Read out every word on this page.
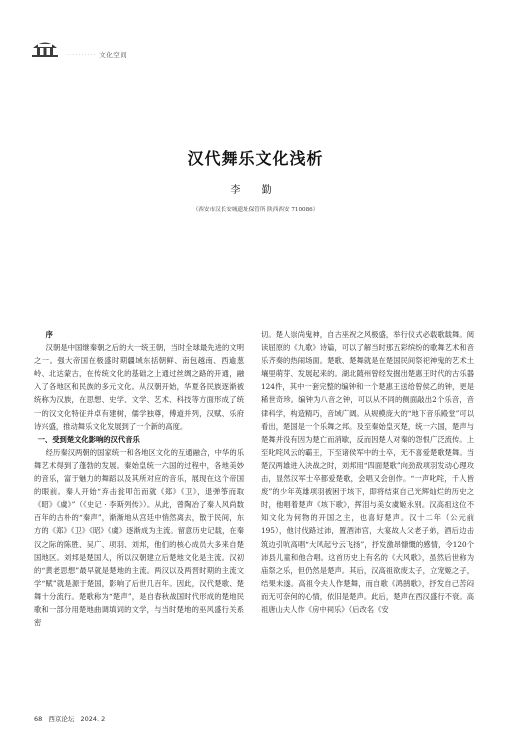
·········· 文化空间
汉代舞乐文化浅析
李 勤
（西安市汉长安城遗址保管所 陕西西安 710086）

序

汉朝是中国继秦朝之后的大一统王朝，当时全球最先进的文明之一。强大帝国在极盛时期疆域东括朝鲜、南包越南、西逾葱岭、北达蒙古，在传统文化的基础之上通过丝绸之路的开通，融入了各地区和民族的多元文化。从汉朝开始，华夏各民族逐渐被统称为汉族，在思想、史学、文学、艺术、科技等方面形成了统一的汉文化特征并卓有建树，儒学独尊，傅道并列，汉赋、乐府诗兴盛，推动舞乐文化发展到了一个新的高度。

一、受到楚文化影响的汉代音乐

经历秦汉两朝的国家统一和各地区文化的互通融合，中华的乐舞艺术得到了蓬勃的发展。秦始皇统一六国的过程中，各地美妙的音乐，富于魅力的舞蹈以及其所对应的音乐，展现在这个帝国的眼前。秦人开始“弃击瓮叩缶而就《郑》《卫》，退弹筝而取《昭》《虞》”（《史记 · 李斯列传》）。从此，曾陶冶了秦人风尚数百年的古朴的“秦声”，渐渐地从宫廷中悄然离去，散于民间，东方的《郑》《卫》《昭》《虞》逐渐成为主流。留意历史记载，在秦汉之际的陈胜、吴广、项羽、刘邦，他们的核心成员大多来自楚国地区。刘邦是楚国人，所以汉朝建立后楚地文化是主流。汉初的“黄老思想”最早就是楚地的主流。两汉以及两晋时期的主流文学“赋”就是源于楚国，影响了后世几百年。因此，汉代楚歌、楚舞十分流行。楚歌称为“楚声”，是自春秋战国时代形成的楚地民歌和一部分用楚地曲调填词的文学，与当时楚地的巫风盛行关系密

切。楚人崇尚鬼神，自古巫祝之风极盛，举行仪式必载歌载舞。阅读屈原的《九歌》诗篇，可以了解当时那五彩缤纷的歌舞艺术和音乐齐奏的热闹场面。楚歌、楚舞就是在楚国民间祭祀神鬼的艺术土壤里萌芽、发展起来的。湖北随州曾经发掘出楚惠王时代的古乐器124件，其中一套完整的编钟和一个楚惠王送给曾侯乙的钟，更是稀世奇珍。编钟为八音之钟，可以从不同的侧面敲出2个乐音，音律科学，构造精巧，音域广阔。从规模庞大的“地下音乐殿堂”可以看出，楚国是一个乐舞之邦。及至秦始皇灭楚，统一六国，楚声与楚舞并没有因为楚亡而消歇，反而因楚人对秦的怨恨广泛流传。上至叱咤风云的霸王，下至诸侯军中的士卒，无不喜爱楚歌楚舞。当楚汉两雄进入决战之时，刘邦用“四面楚歌”向劲敌项羽发动心理攻击，显然汉军士卒都爱楚歌，会唱又会创作。“一声叱咤，千人皆废”的少年英雄项羽被困于垓下，即将结束自己光辉灿烂的历史之时，他唱着楚声《垓下歌》，挥泪与美女虞姬永别。汉高祖这位不知文化为何物的开国之主，也喜好楚声。汉十二年（公元前195），他讨伐路过沛，置酒沛宫，大宴故人父老子弟，酒后边击筑边引吭高唱“大风起兮云飞扬”，抒发激昂慷慨的感情，令120个沛县儿童和他合唱。这首历史上有名的《大风歌》，虽然后世称为庙祭之乐，但仍然是楚声。其后，汉高祖欲废太子，立宠姬之子，结果未遂。高祖令夫人作楚舞，而自歌《鸿鹄歌》，抒发自己苦闷而无可奈何的心情，依旧是楚声。此后，楚声在西汉盛行不衰。高祖唐山夫人作《房中祠乐》（后改名《安

68 西京论坛 2024. 2
